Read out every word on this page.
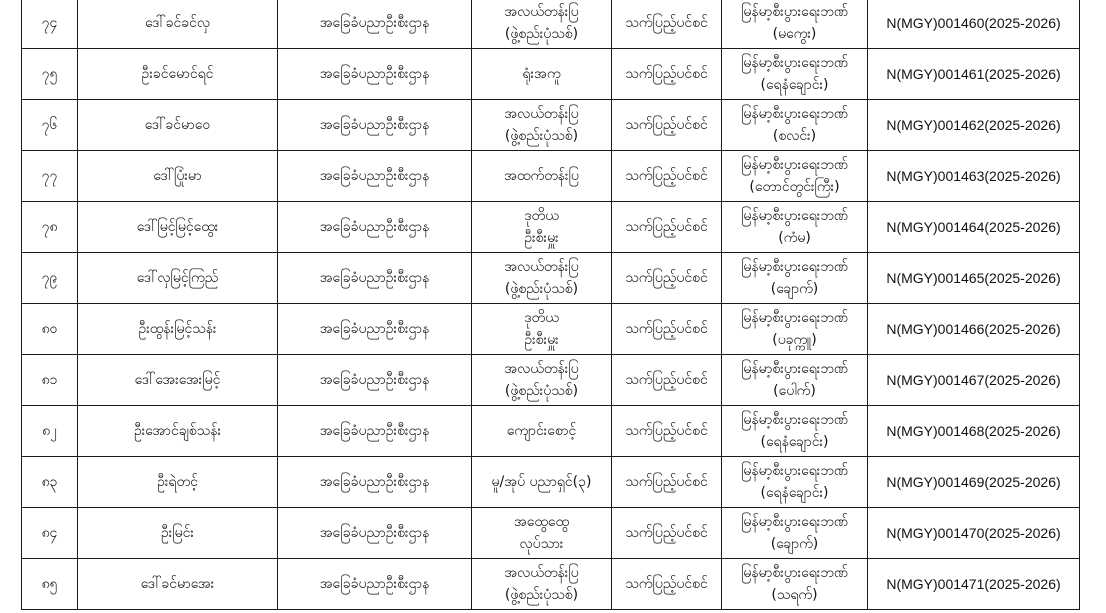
၇၄	ဒေါ်ခင်ခင်လှ	အခြေခံပညာဦးစီးဌာန	အလယ်တန်းပြ
(ဖွဲ့စည်းပုံသစ်)	သက်ပြည့်ပင်စင်	မြန်မာ့စီးပွားရေးဘဏ်
(မကွေး)	N(MGY)001460(2025-2026)
၇၅	ဦးခင်မောင်ရင်	အခြေခံပညာဦးစီးဌာန	ရုံးအကူ	သက်ပြည့်ပင်စင်	မြန်မာ့စီးပွားရေးဘဏ်
(ရေနံချောင်း)	N(MGY)001461(2025-2026)
၇၆	ဒေါ်ခင်မာဝေ	အခြေခံပညာဦးစီးဌာန	အလယ်တန်းပြ
(ဖွဲ့စည်းပုံသစ်)	သက်ပြည့်ပင်စင်	မြန်မာ့စီးပွားရေးဘဏ်
(စလင်း)	N(MGY)001462(2025-2026)
၇၇	ဒေါ်ပြုံးမာ	အခြေခံပညာဦးစီးဌာန	အထက်တန်းပြ	သက်ပြည့်ပင်စင်	မြန်မာ့စီးပွားရေးဘဏ်
(တောင်တွင်းကြီး)	N(MGY)001463(2025-2026)
၇၈	ဒေါ်မြင့်မြင့်ထွေး	အခြေခံပညာဦးစီးဌာန	ဒုတိယ
ဦးစီးမှူး	သက်ပြည့်ပင်စင်	မြန်မာ့စီးပွားရေးဘဏ်
(ကံမ)	N(MGY)001464(2025-2026)
၇၉	ဒေါ်လှမြင့်ကြည်	အခြေခံပညာဦးစီးဌာန	အလယ်တန်းပြ
(ဖွဲ့စည်းပုံသစ်)	သက်ပြည့်ပင်စင်	မြန်မာ့စီးပွားရေးဘဏ်
(ချောက်)	N(MGY)001465(2025-2026)
၈၀	ဦးထွန်းမြင့်သန်း	အခြေခံပညာဦးစီးဌာန	ဒုတိယ
ဦးစီးမှူး	သက်ပြည့်ပင်စင်	မြန်မာ့စီးပွားရေးဘဏ်
(ပခုက္ကူ)	N(MGY)001466(2025-2026)
၈၁	ဒေါ်အေးအေးမြင့်	အခြေခံပညာဦးစီးဌာန	အလယ်တန်းပြ
(ဖွဲ့စည်းပုံသစ်)	သက်ပြည့်ပင်စင်	မြန်မာ့စီးပွားရေးဘဏ်
(ပေါက်)	N(MGY)001467(2025-2026)
၈၂	ဦးအောင်ချစ်သန်း	အခြေခံပညာဦးစီးဌာန	ကျောင်းစောင့်	သက်ပြည့်ပင်စင်	မြန်မာ့စီးပွားရေးဘဏ်
(ရေနံချောင်း)	N(MGY)001468(2025-2026)
၈၃	ဦးရဲတင့်	အခြေခံပညာဦးစီးဌာန	မူ/အုပ် ပညာရှင်(၃)	သက်ပြည့်ပင်စင်	မြန်မာ့စီးပွားရေးဘဏ်
(ရေနံချောင်း)	N(MGY)001469(2025-2026)
၈၄	ဦးမြင်း	အခြေခံပညာဦးစီးဌာန	အထွေထွေ
လုပ်သား	သက်ပြည့်ပင်စင်	မြန်မာ့စီးပွားရေးဘဏ်
(ချောက်)	N(MGY)001470(2025-2026)
၈၅	ဒေါ်ခင်မာအေး	အခြေခံပညာဦးစီးဌာန	အလယ်တန်းပြ
(ဖွဲ့စည်းပုံသစ်)	သက်ပြည့်ပင်စင်	မြန်မာ့စီးပွားရေးဘဏ်
(သရက်)	N(MGY)001471(2025-2026)
